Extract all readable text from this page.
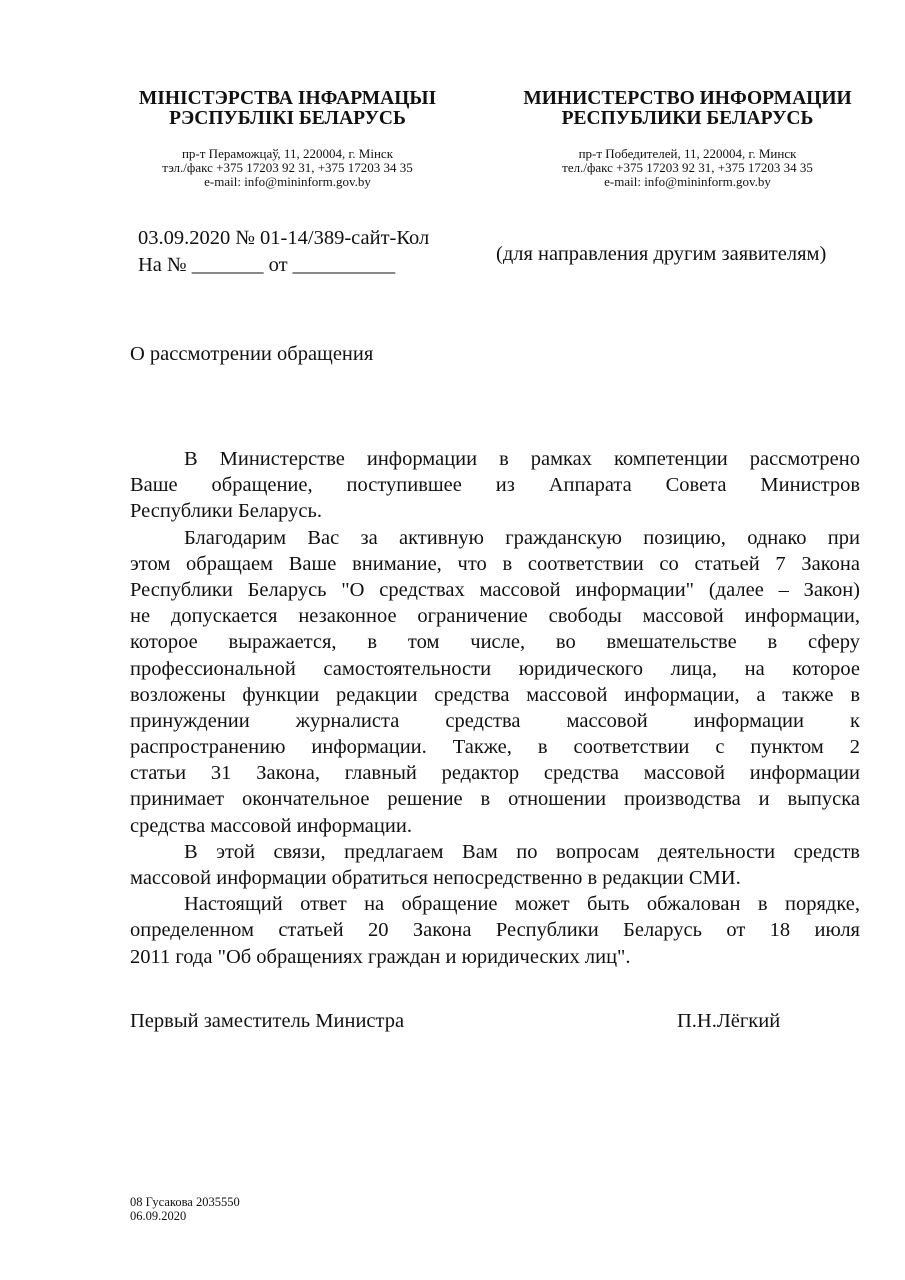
МІНІСТЭРСТВА ІНФАРМАЦЫІ
РЭСПУБЛІКІ БЕЛАРУСЬ
пр-т Пераможцаў, 11, 220004, г. Мінск
тэл./факс +375 17203 92 31, +375 17203 34 35
e-mail: info@mininform.gov.by
МИНИСТЕРСТВО ИНФОРМАЦИИ
РЕСПУБЛИКИ БЕЛАРУСЬ
пр-т Победителей, 11, 220004, г. Минск
тел./факс +375 17203 92 31, +375 17203 34 35
e-mail: info@mininform.gov.by
03.09.2020 № 01-14/389-сайт-Кол
На № _______ от __________	(для направления другим заявителям)
О рассмотрении обращения
В Министерстве информации в рамках компетенции рассмотрено
Ваше обращение, поступившее из Аппарата Совета Министров
Республики Беларусь.
Благодарим Вас за активную гражданскую позицию, однако при
этом обращаем Ваше внимание, что в соответствии со статьей 7 Закона
Республики Беларусь "О средствах массовой информации" (далее – Закон)
не допускается незаконное ограничение свободы массовой информации,
которое выражается, в том числе, во вмешательстве в сферу
профессиональной самостоятельности юридического лица, на которое
возложены функции редакции средства массовой информации, а также в
принуждении журналиста средства массовой информации к
распространению информации. Также, в соответствии с пунктом 2
статьи 31 Закона, главный редактор средства массовой информации
принимает окончательное решение в отношении производства и выпуска
средства массовой информации.
В этой связи, предлагаем Вам по вопросам деятельности средств
массовой информации обратиться непосредственно в редакции СМИ.
Настоящий ответ на обращение может быть обжалован в порядке,
определенном статьей 20 Закона Республики Беларусь от 18 июля
2011 года "Об обращениях граждан и юридических лиц".
Первый заместитель Министра	П.Н.Лёгкий
08 Гусакова 2035550
06.09.2020
